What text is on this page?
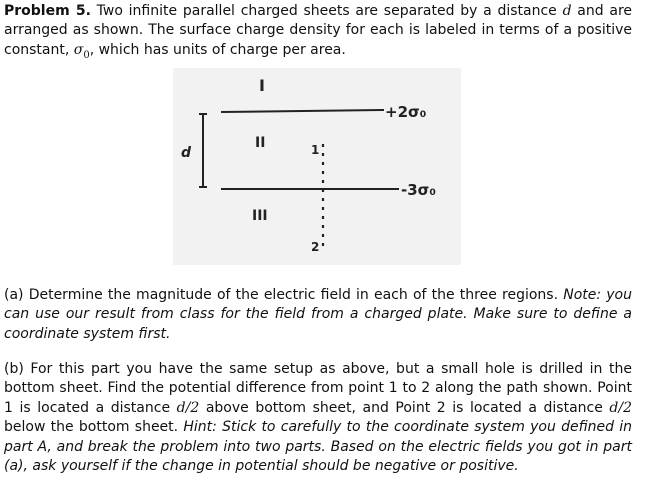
Problem 5. Two infinite parallel charged sheets are separated by a distance d and are arranged as shown. The surface charge density for each is labeled in terms of a positive constant, $\sigma_0$, which has units of charge per area.

+2σ₀
-3σ₀
I
II
III
d	1
2

(a) Determine the magnitude of the electric field in each of the three regions. Note: you can use our result from class for the field from a charged plate. Make sure to define a coordinate system first.

(b) For this part you have the same setup as above, but a small hole is drilled in the bottom sheet. Find the potential difference from point 1 to 2 along the path shown. Point 1 is located a distance d/2 above bottom sheet, and Point 2 is located a distance d/2 below the bottom sheet. Hint: Stick to carefully to the coordinate system you defined in part A, and break the problem into two parts. Based on the electric fields you got in part (a), ask yourself if the change in potential should be negative or positive.
